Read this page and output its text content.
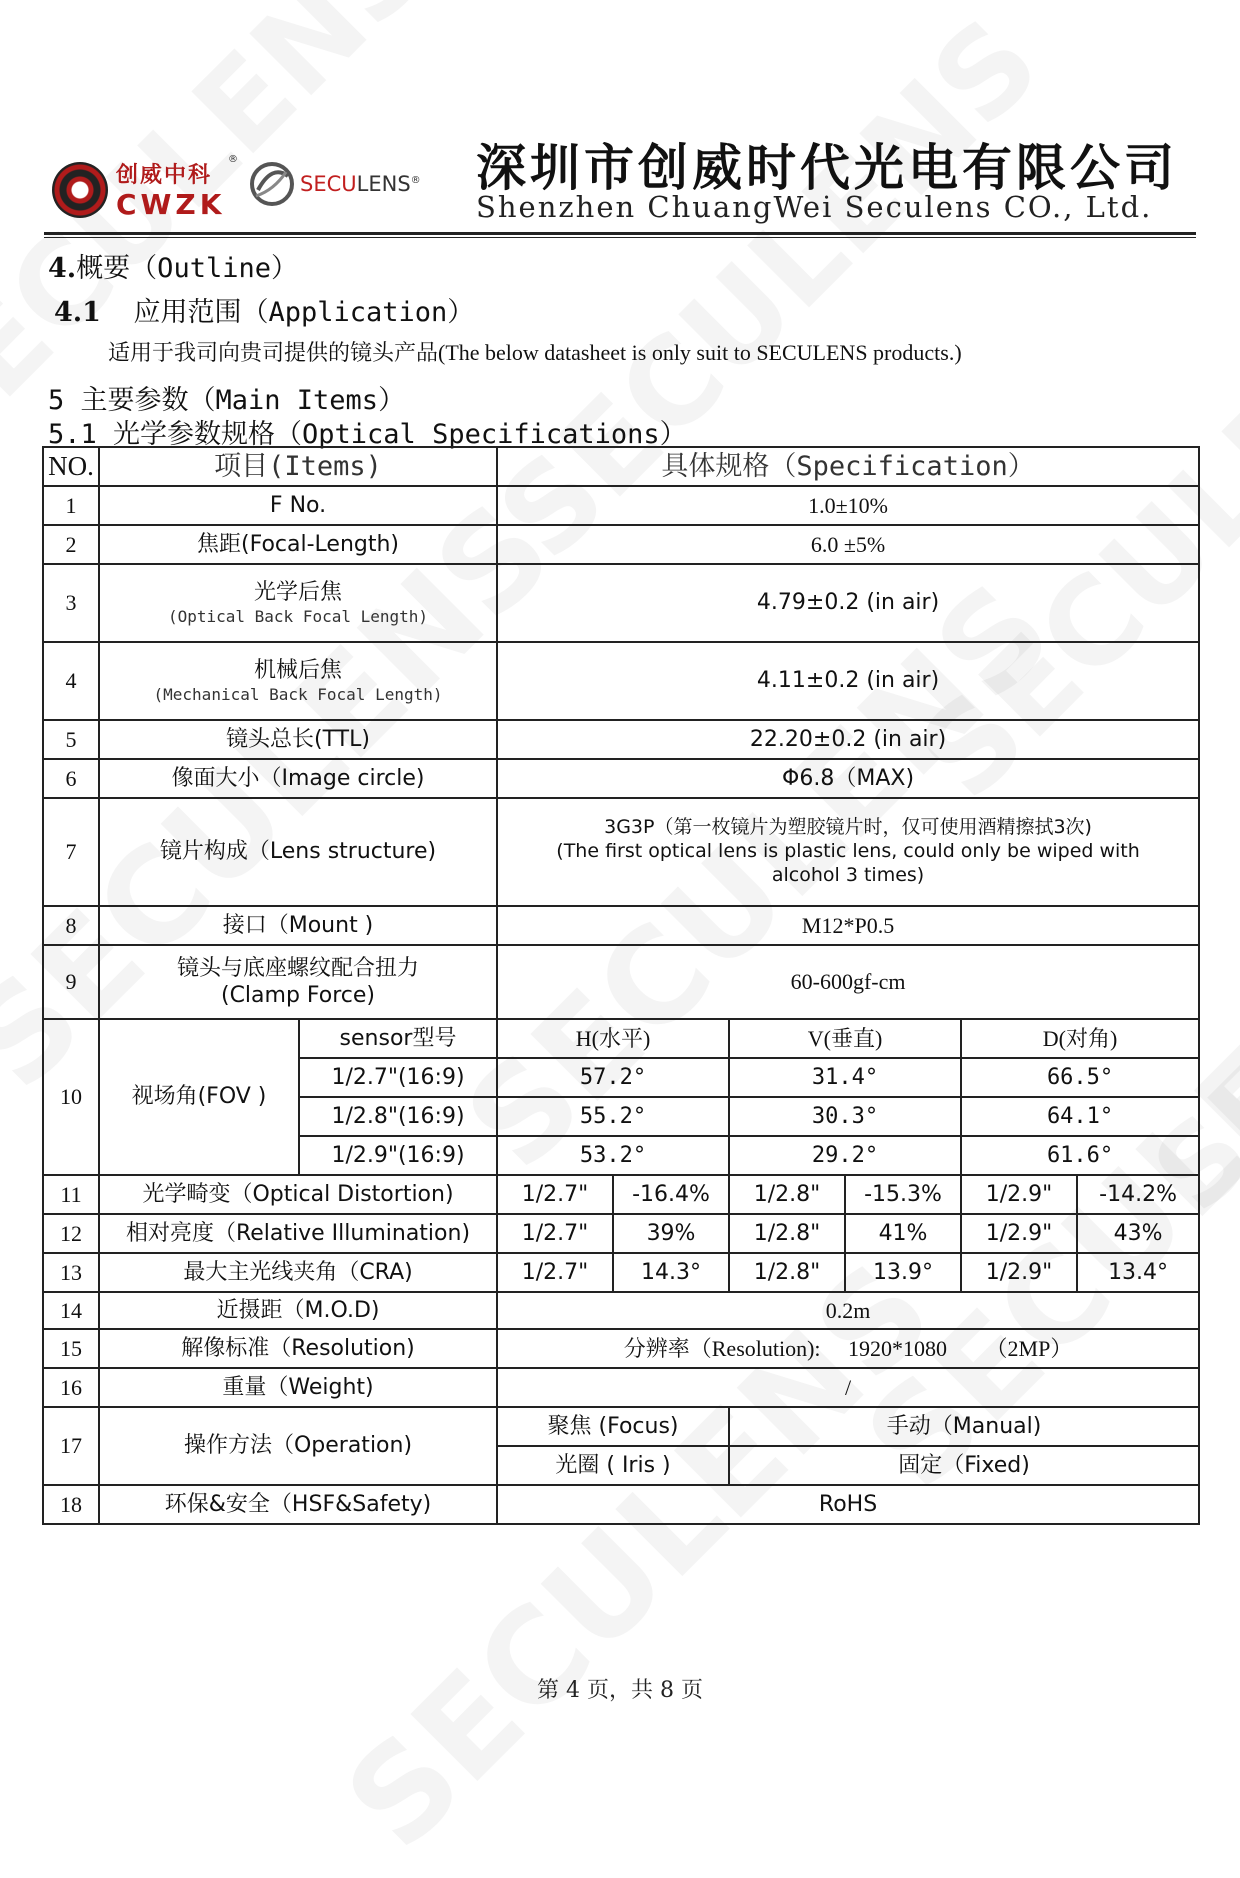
创威中科
®
CWZK
SECULENS® 深圳市创威时代光电有限公司
Shenzhen ChuangWei Seculens CO., Ltd.
4.概要（Outline）
4.1 应用范围（Application）
适用于我司向贵司提供的镜头产品(The below datasheet is only suit to SECULENS products.)
5 主要参数（Main Items）
5.1 光学参数规格（Optical Specifications）
NO.	项目(Items)		具体规格（Specification）					
1	F No.		1.0±10%					
2	焦距(Focal-Length)		6.0 ±5%					
3	光学后焦
(Optical Back Focal Length)		4.79±0.2 (in air)					
4	机械后焦
(Mechanical Back Focal Length)		4.11±0.2 (in air)					
5	镜头总长(TTL)		22.20±0.2 (in air)					
6	像面大小（Image circle)		Φ6.8（MAX)					
7	镜片构成（Lens structure)		3G3P（第一枚镜片为塑胶镜片时，仅可使用酒精擦拭3次)
(The first optical lens is plastic lens, could only be wiped with
alcohol 3 times)					

8	接口（Mount )		M12*P0.5					
9	镜头与底座螺纹配合扭力
(Clamp Force)		60-600gf-cm					
10	视场角(FOV )	sensor型号	H(水平)		V(垂直)		D(对角)	
		1/2.7"(16:9)	57.2°		31.4°		66.5°	
		1/2.8"(16:9)	55.2°		30.3°		64.1°	
		1/2.9"(16:9)	53.2°		29.2°		61.6°	
11	光学畸变（Optical Distortion)		1/2.7"	-16.4%	1/2.8"	-15.3%	1/2.9"	-14.2%
12	相对亮度（Relative Illumination)		1/2.7"	39%	1/2.8"	41%	1/2.9"	43%
13	最大主光线夹角（CRA)		1/2.7"	14.3°	1/2.8"	13.9°	1/2.9"	13.4°
14	近摄距（M.O.D)		0.2m					
15	解像标准（Resolution)		分辨率（Resolution): 1920*1080 （2MP）					
16	重量（Weight)		/					
17	操作方法（Operation)		聚焦 (Focus)		手动（Manual)			
			光圈 ( Iris )		固定（Fixed)			
18	环保&安全（HSF&Safety)		RoHS					
第 4 页，共 8 页
